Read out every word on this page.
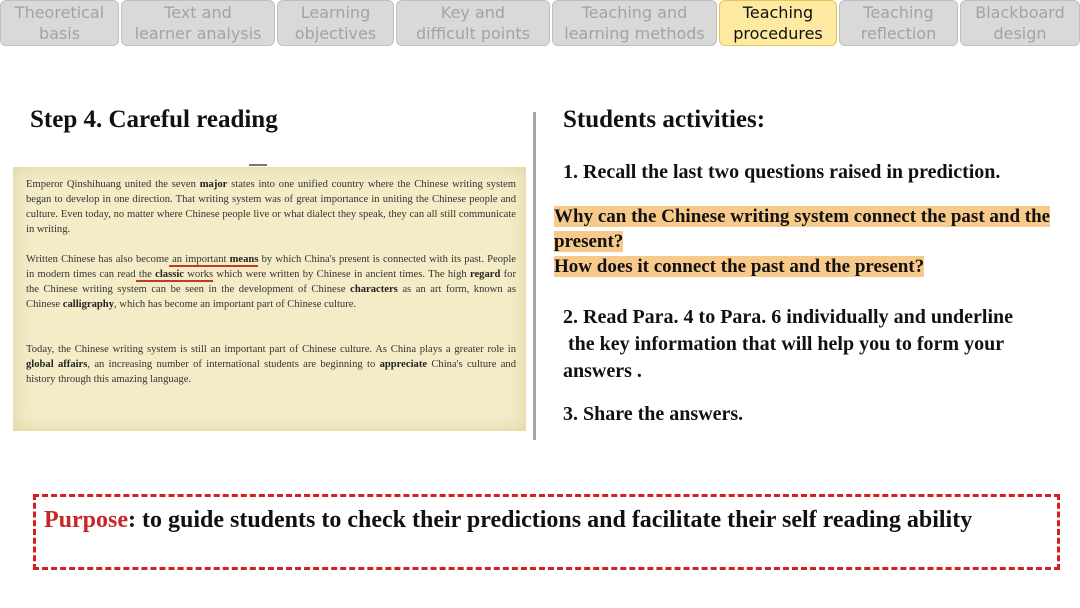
Theoretical
basis
Text and
learner analysis
Learning
objectives
Key and
difficult points
Teaching and
learning methods
Teaching
procedures
Teaching
reflection
Blackboard
design
Step 4. Careful reading

Emperor Qinshihuang united the seven major states into one unified country where the Chinese writing system began to develop in one direction. That writing system was of great importance in uniting the Chinese people and culture. Even today, no matter where Chinese people live or what dialect they speak, they can all still communicate in writing.

Written Chinese has also become an important means by which China's present is connected with its past. People in modern times can read the classic works which were written by Chinese in ancient times. The high regard for the Chinese writing system can be seen in the development of Chinese characters as an art form, known as Chinese calligraphy, which has become an important part of Chinese culture.

Today, the Chinese writing system is still an important part of Chinese culture. As China plays a greater role in global affairs, an increasing number of international students are beginning to appreciate China's culture and history through this amazing language.

Students activities:
1. Recall the last two questions raised in prediction.

Why can the Chinese writing system connect the past and the present?

How does it connect the past and the present?

2. Read Para. 4 to Para. 6 individually and underline
the key information that will help you to form your
answers .
3. Share the answers.
Purpose: to guide students to check their predictions and facilitate their self reading ability
